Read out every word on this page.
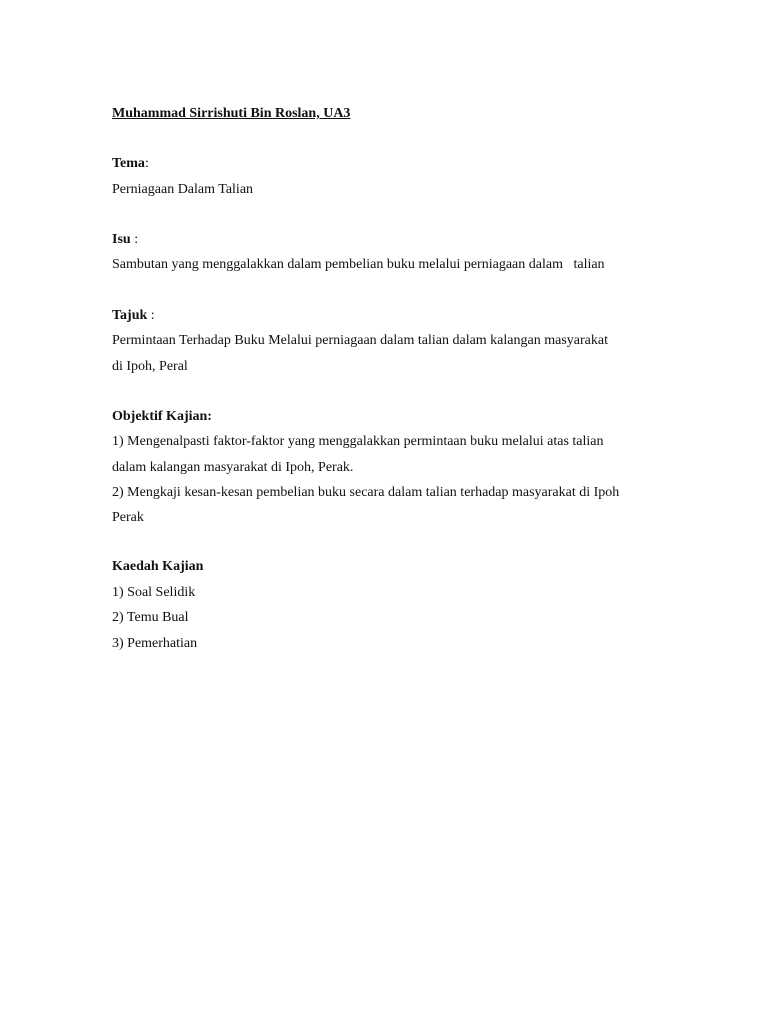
Muhammad Sirrishuti Bin Roslan, UA3
Tema:
Perniagaan Dalam Talian
Isu :
Sambutan yang menggalakkan dalam pembelian buku melalui perniagaan dalam   talian
Tajuk :
Permintaan Terhadap Buku Melalui perniagaan dalam talian dalam kalangan masyarakat
di Ipoh, Peral
Objektif Kajian:
1) Mengenalpasti faktor-faktor yang menggalakkan permintaan buku melalui atas talian
dalam kalangan masyarakat di Ipoh, Perak.
2) Mengkaji kesan-kesan pembelian buku secara dalam talian terhadap masyarakat di Ipoh
Perak
Kaedah Kajian
1) Soal Selidik
2) Temu Bual
3) Pemerhatian
